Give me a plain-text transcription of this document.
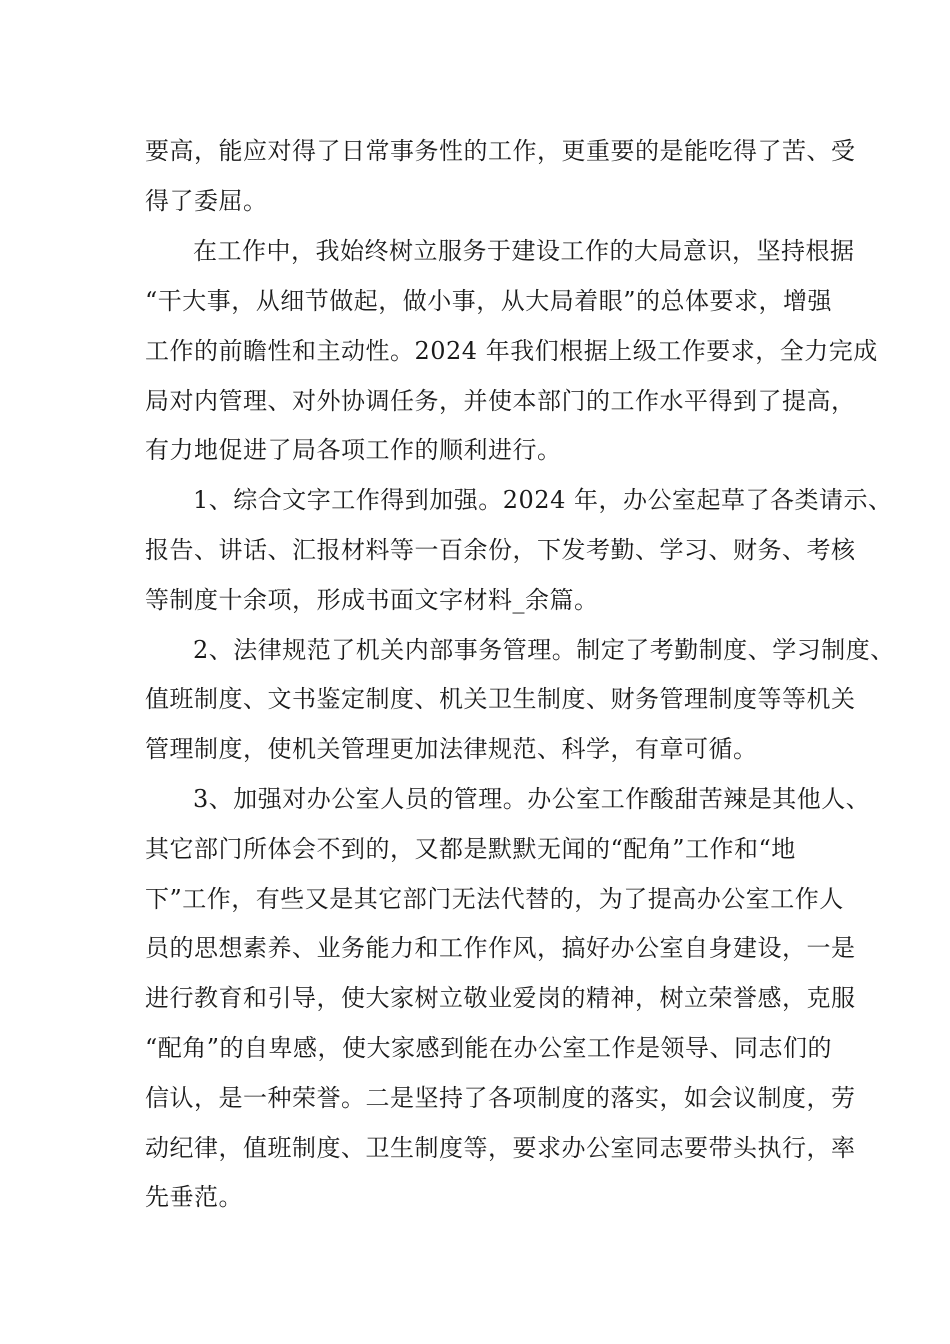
要高，能应对得了日常事务性的工作，更重要的是能吃得了苦、受
得了委屈。
在工作中，我始终树立服务于建设工作的大局意识，坚持根据
“干大事，从细节做起，做小事，从大局着眼”的总体要求，增强
工作的前瞻性和主动性。2024 年我们根据上级工作要求，全力完成
局对内管理、对外协调任务，并使本部门的工作水平得到了提高，
有力地促进了局各项工作的顺利进行。
1、综合文字工作得到加强。2024 年，办公室起草了各类请示、
报告、讲话、汇报材料等一百余份，下发考勤、学习、财务、考核
等制度十余项，形成书面文字材料_余篇。
2、法律规范了机关内部事务管理。制定了考勤制度、学习制度、
值班制度、文书鉴定制度、机关卫生制度、财务管理制度等等机关
管理制度，使机关管理更加法律规范、科学，有章可循。
3、加强对办公室人员的管理。办公室工作酸甜苦辣是其他人、
其它部门所体会不到的，又都是默默无闻的“配角”工作和“地
下”工作，有些又是其它部门无法代替的，为了提高办公室工作人
员的思想素养、业务能力和工作作风，搞好办公室自身建设，一是
进行教育和引导，使大家树立敬业爱岗的精神，树立荣誉感，克服
“配角”的自卑感，使大家感到能在办公室工作是领导、同志们的
信认，是一种荣誉。二是坚持了各项制度的落实，如会议制度，劳
动纪律，值班制度、卫生制度等，要求办公室同志要带头执行，率
先垂范。
